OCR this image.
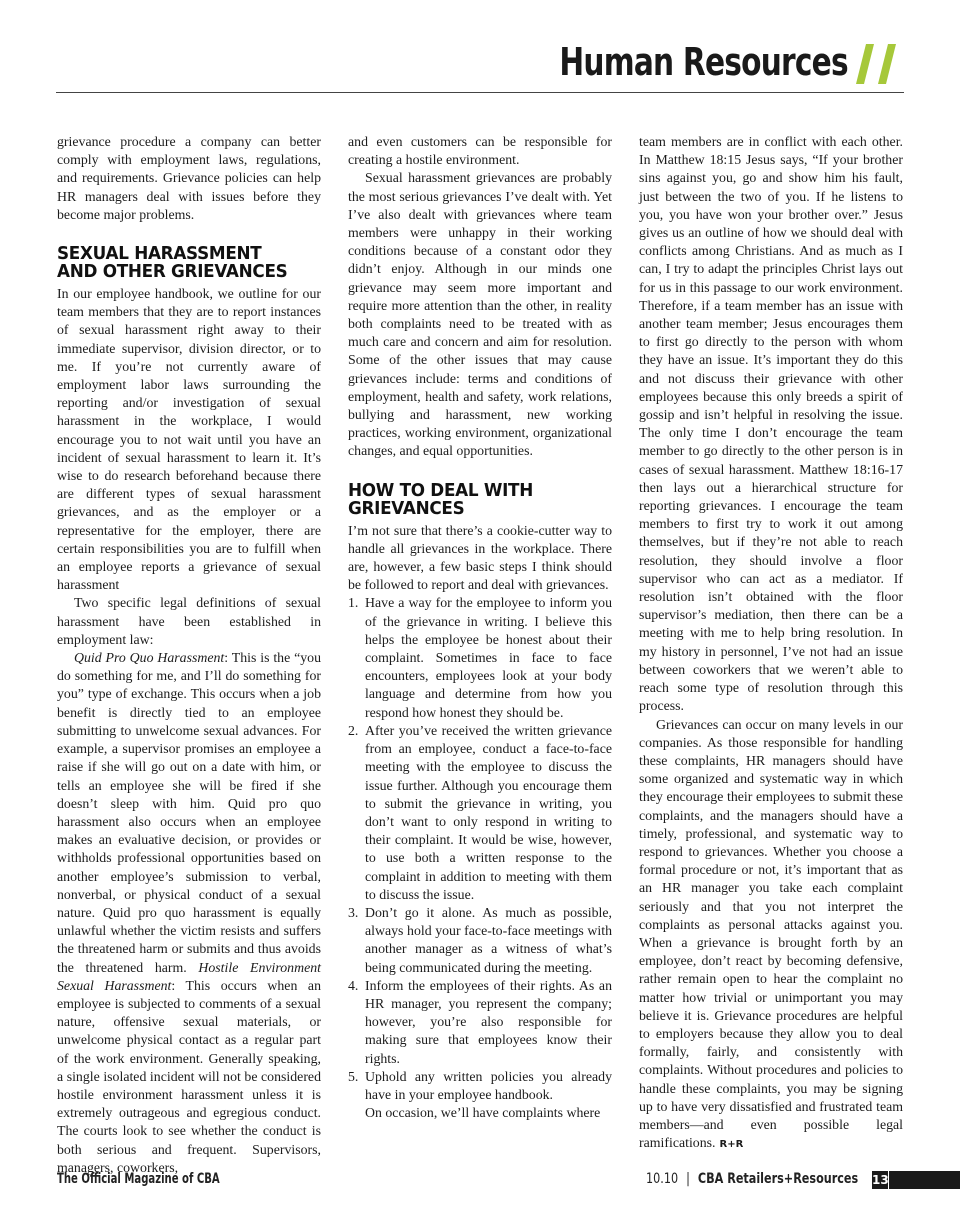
Human Resources

grievance procedure a company can better comply with employment laws, regulations, and requirements. Grievance policies can help HR managers deal with issues before they become major problems.

SEXUAL HARASSMENT
AND OTHER GRIEVANCES

In our employee handbook, we outline for our team members that they are to report instances of sexual harassment right away to their immediate supervisor, division director, or to me. If you’re not currently aware of employment labor laws surrounding the reporting and/or investigation of sexual harassment in the workplace, I would encourage you to not wait until you have an incident of sexual harassment to learn it. It’s wise to do research beforehand because there are different types of sexual harassment grievances, and as the employer or a representative for the employer, there are certain responsibilities you are to fulfill when an employee reports a grievance of sexual harassment

Two specific legal definitions of sexual harassment have been established in employment law:

Quid Pro Quo Harassment: This is the “you do something for me, and I’ll do something for you” type of exchange. This occurs when a job benefit is directly tied to an employee submitting to unwelcome sexual advances. For example, a supervisor promises an employee a raise if she will go out on a date with him, or tells an employee she will be fired if she doesn’t sleep with him. Quid pro quo harassment also occurs when an employee makes an evaluative decision, or provides or withholds professional opportunities based on another employee’s submission to verbal, nonverbal, or physical conduct of a sexual nature. Quid pro quo harassment is equally unlawful whether the victim resists and suffers the threatened harm or submits and thus avoids the threatened harm. Hostile Environment Sexual Harassment: This occurs when an employee is subjected to comments of a sexual nature, offensive sexual materials, or unwelcome physical contact as a regular part of the work environment. Generally speaking, a single isolated incident will not be considered hostile environment harassment unless it is extremely outrageous and egregious conduct. The courts look to see whether the conduct is both serious and frequent. Supervisors, managers, coworkers,

and even customers can be responsible for creating a hostile environment.

Sexual harassment grievances are probably the most serious grievances I’ve dealt with. Yet I’ve also dealt with grievances where team members were unhappy in their working conditions because of a constant odor they didn’t enjoy. Although in our minds one grievance may seem more important and require more attention than the other, in reality both complaints need to be treated with as much care and concern and aim for resolution. Some of the other issues that may cause grievances include: terms and conditions of employment, health and safety, work relations, bullying and harassment, new working practices, working environment, organizational changes, and equal opportunities.

HOW TO DEAL WITH
GRIEVANCES

I’m not sure that there’s a cookie-cutter way to handle all grievances in the workplace. There are, however, a few basic steps I think should be followed to report and deal with grievances.

1. Have a way for the employee to inform you of the grievance in writing. I believe this helps the employee be honest about their complaint. Sometimes in face to face encounters, employees look at your body language and determine from how you respond how honest they should be.
2. After you’ve received the written grievance from an employee, conduct a face-to-face meeting with the employee to discuss the issue further. Although you encourage them to submit the grievance in writing, you don’t want to only respond in writing to their complaint. It would be wise, however, to use both a written response to the complaint in addition to meeting with them to discuss the issue.
3. Don’t go it alone. As much as possible, always hold your face-to-face meetings with another manager as a witness of what’s being communicated during the meeting.
4. Inform the employees of their rights. As an HR manager, you represent the company; however, you’re also responsible for making sure that employees know their rights.
5. Uphold any written policies you already have in your employee handbook.

On occasion, we’ll have complaints where

team members are in conflict with each other. In Matthew 18:15 Jesus says, “If your brother sins against you, go and show him his fault, just between the two of you. If he listens to you, you have won your brother over.” Jesus gives us an outline of how we should deal with conflicts among Christians. And as much as I can, I try to adapt the principles Christ lays out for us in this passage to our work environment. Therefore, if a team member has an issue with another team member; Jesus encourages them to first go directly to the person with whom they have an issue. It’s important they do this and not discuss their grievance with other employees because this only breeds a spirit of gossip and isn’t helpful in resolving the issue. The only time I don’t encourage the team member to go directly to the other person is in cases of sexual harassment. Matthew 18:16-17 then lays out a hierarchical structure for reporting grievances. I encourage the team members to first try to work it out among themselves, but if they’re not able to reach resolution, they should involve a floor supervisor who can act as a mediator. If resolution isn’t obtained with the floor supervisor’s mediation, then there can be a meeting with me to help bring resolution. In my history in personnel, I’ve not had an issue between coworkers that we weren’t able to reach some type of resolution through this process.

Grievances can occur on many levels in our companies. As those responsible for handling these complaints, HR managers should have some organized and systematic way in which they encourage their employees to submit these complaints, and the managers should have a timely, professional, and systematic way to respond to grievances. Whether you choose a formal procedure or not, it’s important that as an HR manager you take each complaint seriously and that you not interpret the complaints as personal attacks against you. When a grievance is brought forth by an employee, don’t react by becoming defensive, rather remain open to hear the complaint no matter how trivial or unimportant you may believe it is. Grievance procedures are helpful to employers because they allow you to deal formally, fairly, and consistently with complaints. Without procedures and policies to handle these complaints, you may be signing up to have very dissatisfied and frustrated team members—and even possible legal ramifications. R+R

The Official Magazine of CBA	10.10 | CBA Retailers+Resources 13
